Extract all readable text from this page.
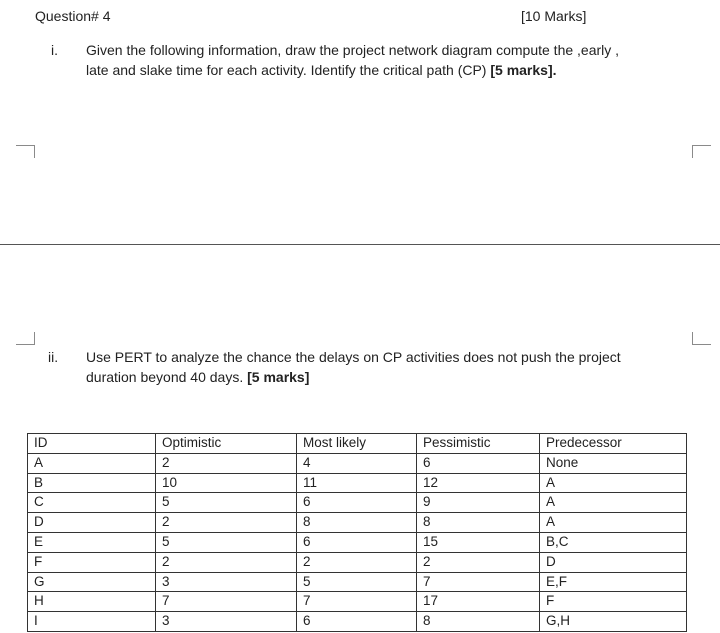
Question# 4	[10 Marks]
i. Given the following information, draw the project network diagram compute the ,early ,
late and slake time for each activity. Identify the critical path (CP) [5 marks].
ii. Use PERT to analyze the chance the delays on CP activities does not push the project
duration beyond 40 days. [5 marks]
ID	Optimistic	Most likely	Pessimistic	Predecessor
A	2	4	6	None
B	10	11	12	A
C	5	6	9	A
D	2	8	8	A
E	5	6	15	B,C
F	2	2	2	D
G	3	5	7	E,F
H	7	7	17	F
I	3	6	8	G,H
